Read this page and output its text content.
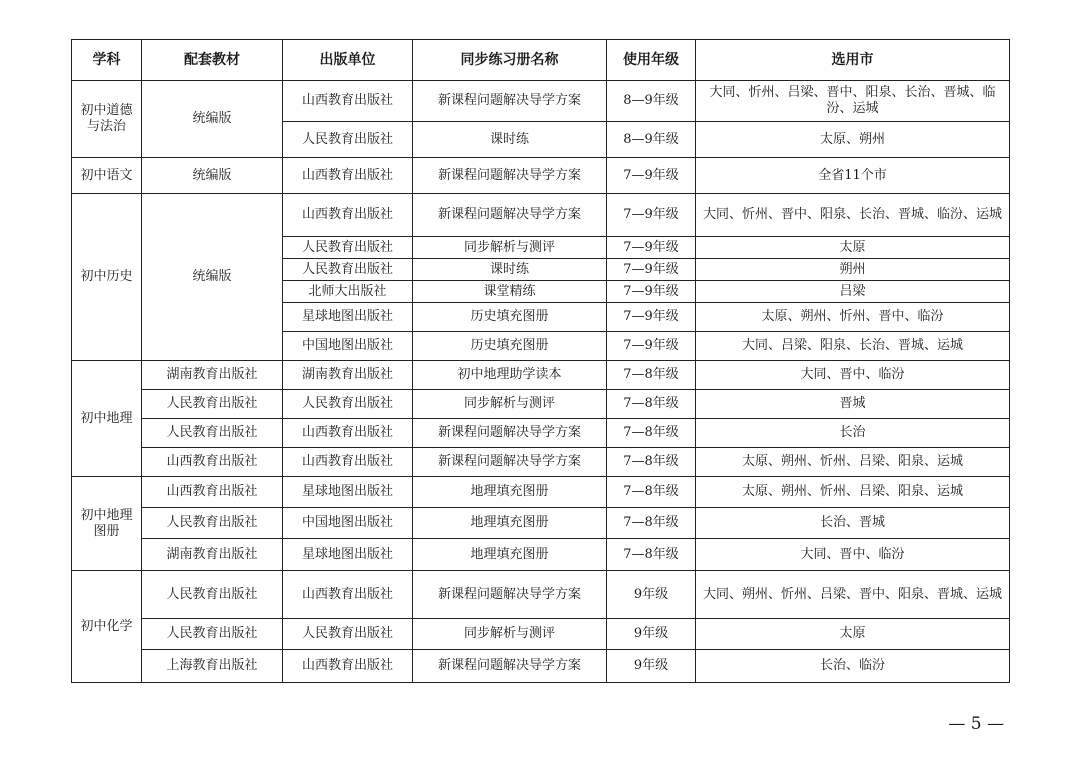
学科	配套教材	出版单位	同步练习册名称	使用年级	选用市
初中道德与法治	统编版	山西教育出版社	新课程问题解决导学方案	8—9年级	大同、忻州、吕梁、晋中、阳泉、长治、晋城、临汾、运城
		人民教育出版社	课时练	8—9年级	太原、朔州
初中语文	统编版	山西教育出版社	新课程问题解决导学方案	7—9年级	全省11个市
初中历史	统编版	山西教育出版社	新课程问题解决导学方案	7—9年级	大同、忻州、晋中、阳泉、长治、晋城、临汾、运城
		人民教育出版社	同步解析与测评	7—9年级	太原
		人民教育出版社	课时练	7—9年级	朔州
		北师大出版社	课堂精练	7—9年级	吕梁
		星球地图出版社	历史填充图册	7—9年级	太原、朔州、忻州、晋中、临汾
		中国地图出版社	历史填充图册	7—9年级	大同、吕梁、阳泉、长治、晋城、运城
初中地理	湖南教育出版社	湖南教育出版社	初中地理助学读本	7—8年级	大同、晋中、临汾
	人民教育出版社	人民教育出版社	同步解析与测评	7—8年级	晋城
	人民教育出版社	山西教育出版社	新课程问题解决导学方案	7—8年级	长治
	山西教育出版社	山西教育出版社	新课程问题解决导学方案	7—8年级	太原、朔州、忻州、吕梁、阳泉、运城
初中地理图册	山西教育出版社	星球地图出版社	地理填充图册	7—8年级	太原、朔州、忻州、吕梁、阳泉、运城
	人民教育出版社	中国地图出版社	地理填充图册	7—8年级	长治、晋城
	湖南教育出版社	星球地图出版社	地理填充图册	7—8年级	大同、晋中、临汾
初中化学	人民教育出版社	山西教育出版社	新课程问题解决导学方案	9年级	大同、朔州、忻州、吕梁、晋中、阳泉、晋城、运城
	人民教育出版社	人民教育出版社	同步解析与测评	9年级	太原
	上海教育出版社	山西教育出版社	新课程问题解决导学方案	9年级	长治、临汾
— 5 —
